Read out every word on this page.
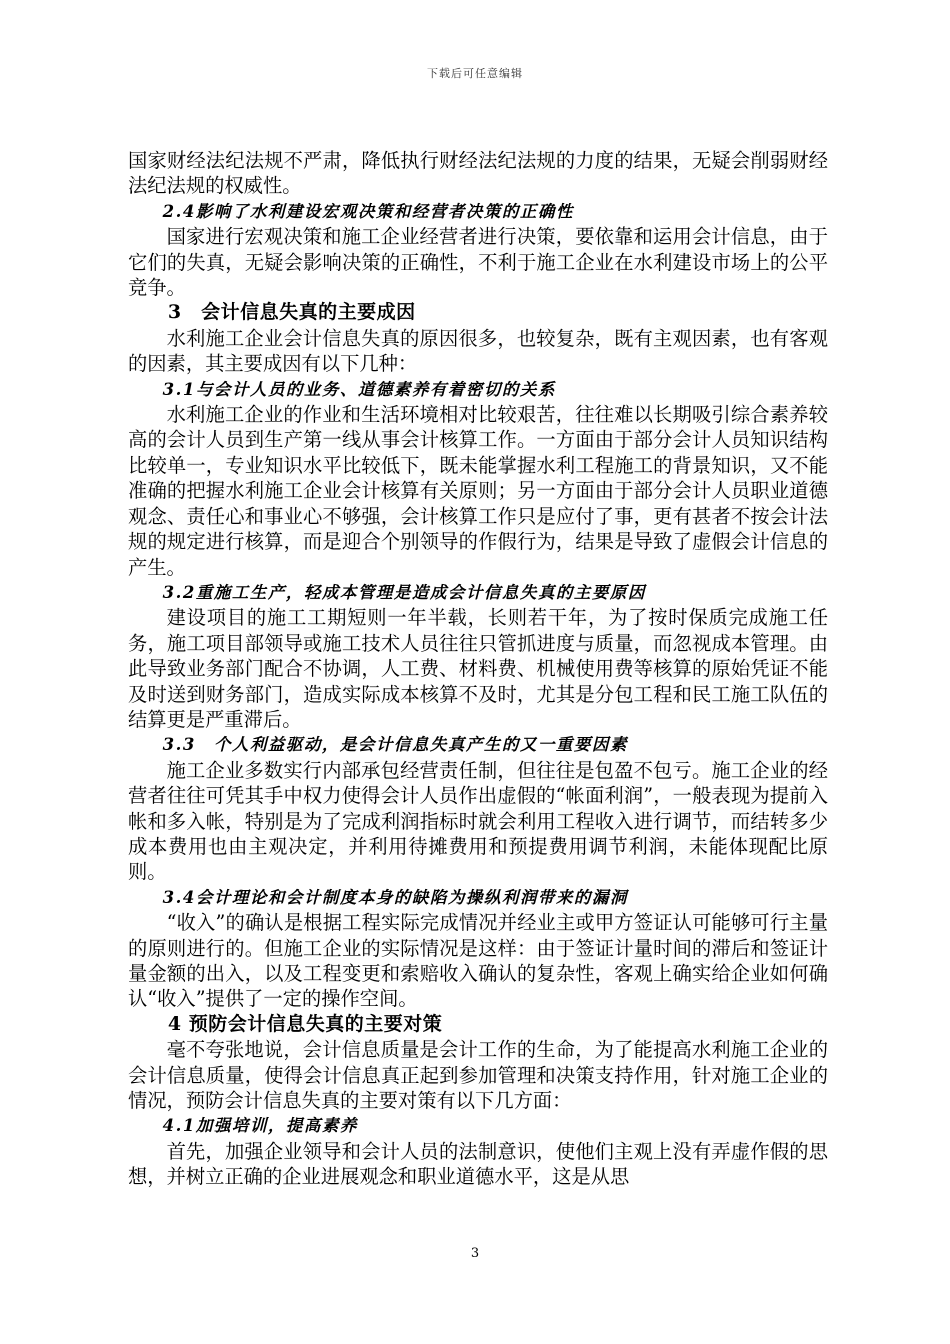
下载后可任意编辑

国家财经法纪法规不严肃，降低执行财经法纪法规的力度的结果，无疑会削弱财经法纪法规的权威性。

2.4影响了水利建设宏观决策和经营者决策的正确性

国家进行宏观决策和施工企业经营者进行决策，要依靠和运用会计信息，由于它们的失真，无疑会影响决策的正确性，不利于施工企业在水利建设市场上的公平竞争。

3　会计信息失真的主要成因

水利施工企业会计信息失真的原因很多，也较复杂，既有主观因素，也有客观的因素，其主要成因有以下几种：

3.1与会计人员的业务、道德素养有着密切的关系

水利施工企业的作业和生活环境相对比较艰苦，往往难以长期吸引综合素养较高的会计人员到生产第一线从事会计核算工作。一方面由于部分会计人员知识结构比较单一，专业知识水平比较低下，既未能掌握水利工程施工的背景知识，又不能准确的把握水利施工企业会计核算有关原则；另一方面由于部分会计人员职业道德观念、责任心和事业心不够强，会计核算工作只是应付了事，更有甚者不按会计法规的规定进行核算，而是迎合个别领导的作假行为，结果是导致了虚假会计信息的产生。

3.2重施工生产，轻成本管理是造成会计信息失真的主要原因

建设项目的施工工期短则一年半载，长则若干年，为了按时保质完成施工任务，施工项目部领导或施工技术人员往往只管抓进度与质量，而忽视成本管理。由此导致业务部门配合不协调，人工费、材料费、机械使用费等核算的原始凭证不能及时送到财务部门，造成实际成本核算不及时，尤其是分包工程和民工施工队伍的结算更是严重滞后。

3.3　个人利益驱动，是会计信息失真产生的又一重要因素

施工企业多数实行内部承包经营责任制，但往往是包盈不包亏。施工企业的经营者往往可凭其手中权力使得会计人员作出虚假的“帐面利润”，一般表现为提前入帐和多入帐，特别是为了完成利润指标时就会利用工程收入进行调节，而结转多少成本费用也由主观决定，并利用待摊费用和预提费用调节利润，未能体现配比原则。

3.4会计理论和会计制度本身的缺陷为操纵利润带来的漏洞

“收入”的确认是根据工程实际完成情况并经业主或甲方签证认可能够可行主量的原则进行的。但施工企业的实际情况是这样：由于签证计量时间的滞后和签证计量金额的出入，以及工程变更和索赔收入确认的复杂性，客观上确实给企业如何确认“收入”提供了一定的操作空间。

4 预防会计信息失真的主要对策

毫不夸张地说，会计信息质量是会计工作的生命，为了能提高水利施工企业的会计信息质量，使得会计信息真正起到参加管理和决策支持作用，针对施工企业的情况，预防会计信息失真的主要对策有以下几方面：

4.1加强培训，提高素养

首先，加强企业领导和会计人员的法制意识，使他们主观上没有弄虚作假的思想，并树立正确的企业进展观念和职业道德水平，这是从思

3
